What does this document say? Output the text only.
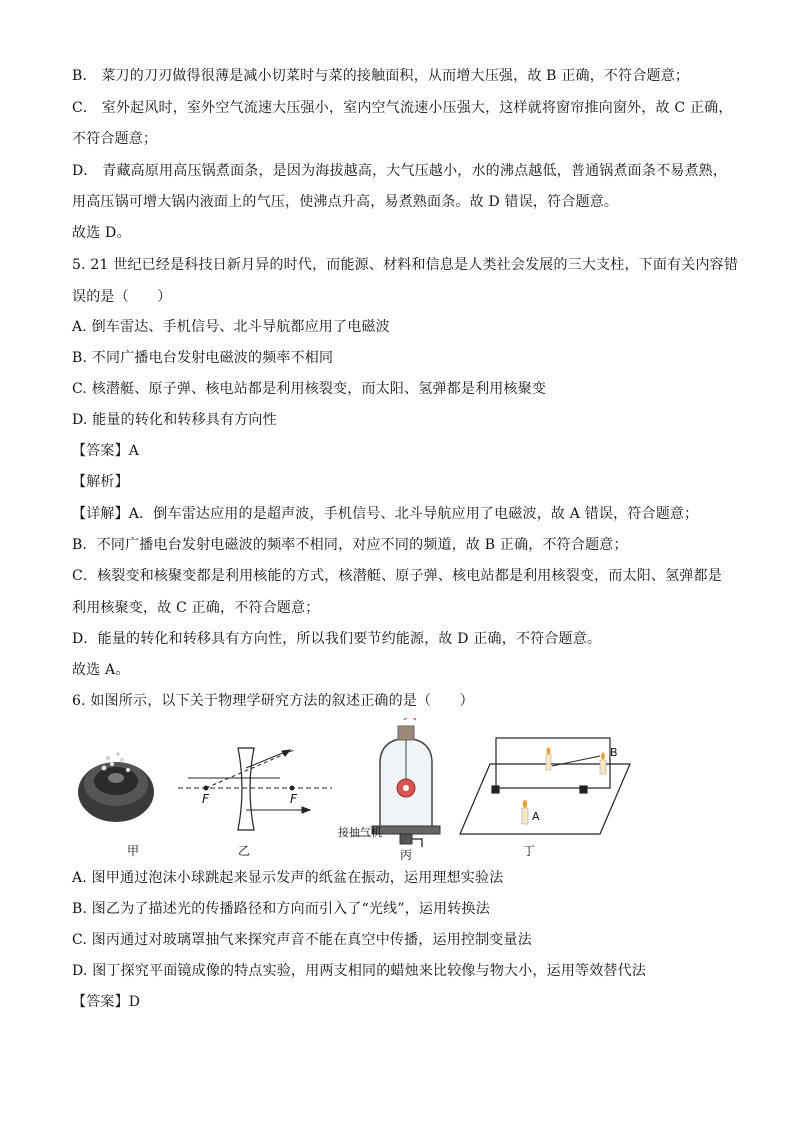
B． 菜刀的刀刃做得很薄是减小切菜时与菜的接触面积，从而增大压强，故 B 正确，不符合题意；
C． 室外起风时，室外空气流速大压强小，室内空气流速小压强大，这样就将窗帘推向窗外，故 C 正确，
不符合题意；
D． 青藏高原用高压锅煮面条，是因为海拔越高，大气压越小，水的沸点越低，普通锅煮面条不易煮熟，
用高压锅可增大锅内液面上的气压，使沸点升高，易煮熟面条。故 D 错误，符合题意。
故选 D。
5. 21 世纪已经是科技日新月异的时代，而能源、材料和信息是人类社会发展的三大支柱，下面有关内容错
误的是（　　）
A. 倒车雷达、手机信号、北斗导航都应用了电磁波
B. 不同广播电台发射电磁波的频率不相同
C. 核潜艇、原子弹、核电站都是利用核裂变，而太阳、氢弹都是利用核聚变
D. 能量的转化和转移具有方向性
【答案】A
【解析】
【详解】A．倒车雷达应用的是超声波，手机信号、北斗导航应用了电磁波，故 A 错误，符合题意；
B．不同广播电台发射电磁波的频率不相同，对应不同的频道，故 B 正确，不符合题意；
C．核裂变和核聚变都是利用核能的方式，核潜艇、原子弹、核电站都是利用核裂变，而太阳、氢弹都是
利用核聚变，故 C 正确，不符合题意；
D．能量的转化和转移具有方向性，所以我们要节约能源，故 D 正确，不符合题意。
故选 A。
6. 如图所示，以下关于物理学研究方法的叙述正确的是（　　）
甲	乙	丙	丁
F	F
接抽气机
A
B
A. 图甲通过泡沫小球跳起来显示发声的纸盆在振动，运用理想实验法
B. 图乙为了描述光的传播路径和方向而引入了“光线”，运用转换法
C. 图丙通过对玻璃罩抽气来探究声音不能在真空中传播，运用控制变量法
D. 图丁探究平面镜成像的特点实验，用两支相同的蜡烛来比较像与物大小，运用等效替代法
【答案】D
